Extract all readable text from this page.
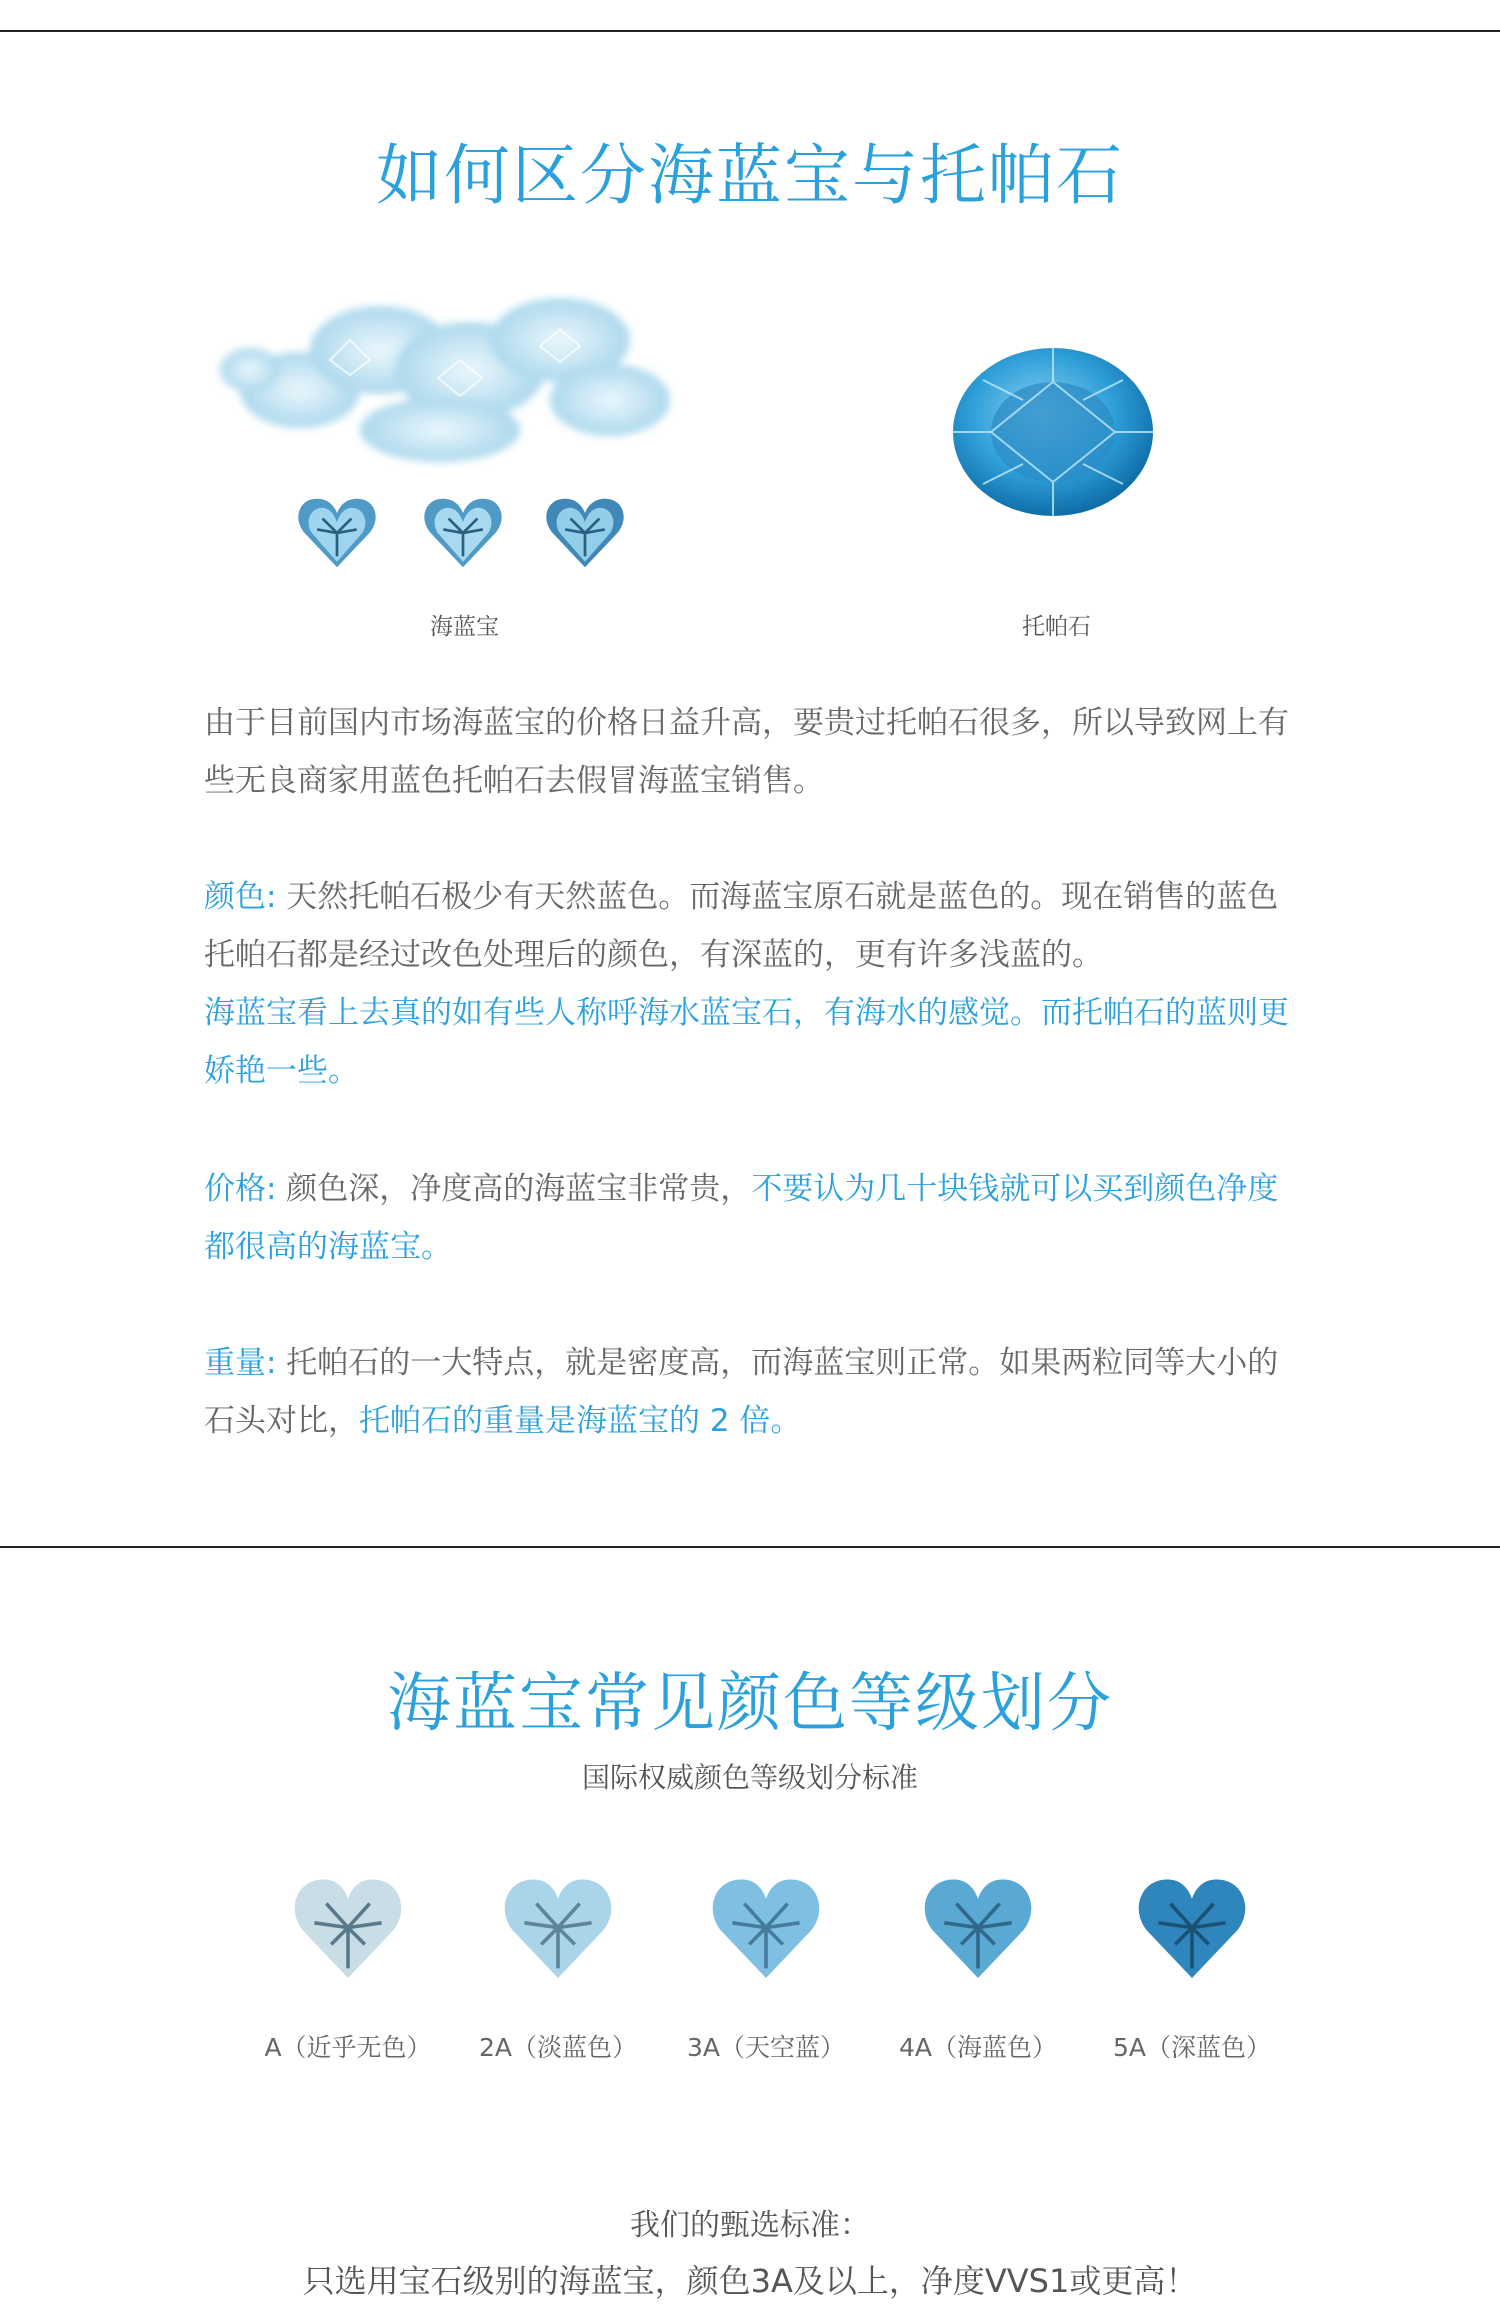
如何区分海蓝宝与托帕石
海蓝宝	托帕石
由于目前国内市场海蓝宝的价格日益升高，要贵过托帕石很多，所以导致网上有些无良商家用蓝色托帕石去假冒海蓝宝销售。
颜色: 天然托帕石极少有天然蓝色。而海蓝宝原石就是蓝色的。现在销售的蓝色托帕石都是经过改色处理后的颜色，有深蓝的，更有许多浅蓝的。
海蓝宝看上去真的如有些人称呼海水蓝宝石，有海水的感觉。而托帕石的蓝则更娇艳一些。
价格: 颜色深，净度高的海蓝宝非常贵，不要认为几十块钱就可以买到颜色净度都很高的海蓝宝。
重量: 托帕石的一大特点，就是密度高，而海蓝宝则正常。如果两粒同等大小的石头对比，托帕石的重量是海蓝宝的 2 倍。
海蓝宝常见颜色等级划分
国际权威颜色等级划分标准
A（近乎无色）	2A（淡蓝色）	3A（天空蓝）	4A（海蓝色）	5A（深蓝色）
我们的甄选标准：
只选用宝石级别的海蓝宝，颜色3A及以上，净度VVS1或更高！
